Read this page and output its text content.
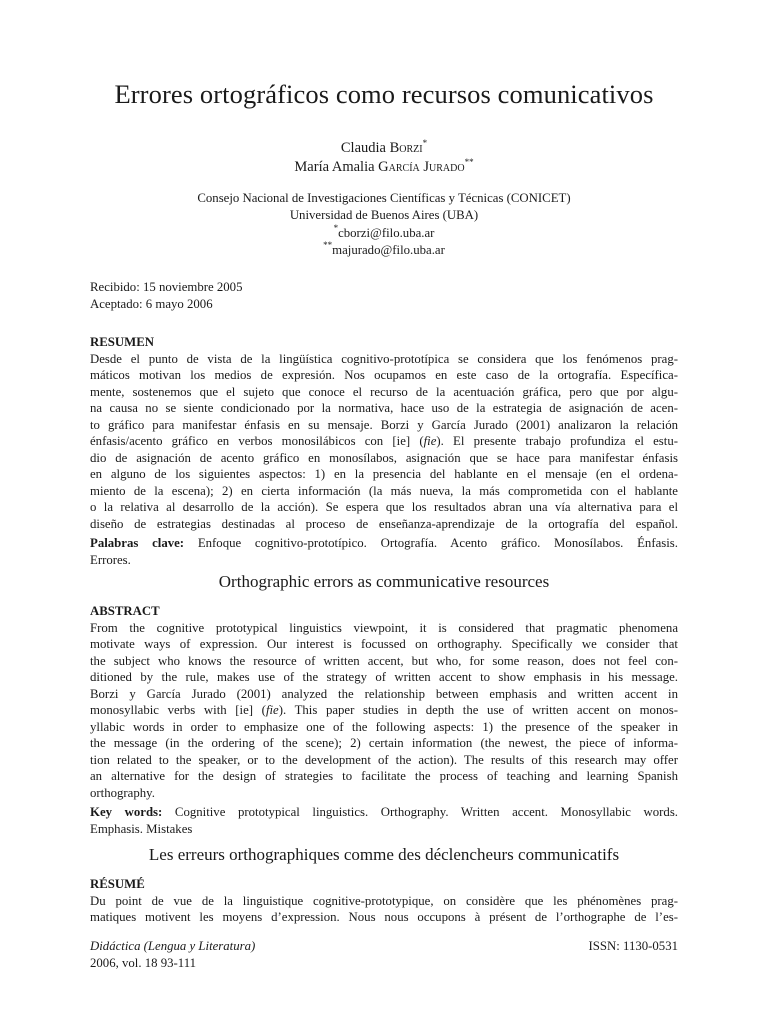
Errores ortográficos como recursos comunicativos
Claudia Borzi*
María Amalia García Jurado**
Consejo Nacional de Investigaciones Científicas y Técnicas (CONICET)
Universidad de Buenos Aires (UBA)
*cborzi@filo.uba.ar
**majurado@filo.uba.ar
Recibido: 15 noviembre 2005
Aceptado: 6 mayo 2006
RESUMEN
Desde el punto de vista de la lingüística cognitivo-prototípica se considera que los fenómenos prag-
máticos motivan los medios de expresión. Nos ocupamos en este caso de la ortografía. Específica-
mente, sostenemos que el sujeto que conoce el recurso de la acentuación gráfica, pero que por algu-
na causa no se siente condicionado por la normativa, hace uso de la estrategia de asignación de acen-
to gráfico para manifestar énfasis en su mensaje. Borzi y García Jurado (2001) analizaron la relación
énfasis/acento gráfico en verbos monosilábicos con [ie] (fie). El presente trabajo profundiza el estu-
dio de asignación de acento gráfico en monosílabos, asignación que se hace para manifestar énfasis
en alguno de los siguientes aspectos: 1) en la presencia del hablante en el mensaje (en el ordena-
miento de la escena); 2) en cierta información (la más nueva, la más comprometida con el hablante
o la relativa al desarrollo de la acción). Se espera que los resultados abran una vía alternativa para el
diseño de estrategias destinadas al proceso de enseñanza-aprendizaje de la ortografía del español.
Palabras clave: Enfoque cognitivo-prototípico. Ortografía. Acento gráfico. Monosílabos. Énfasis.
Errores.
Orthographic errors as communicative resources
ABSTRACT
From the cognitive prototypical linguistics viewpoint, it is considered that pragmatic phenomena
motivate ways of expression. Our interest is focussed on orthography. Specifically we consider that
the subject who knows the resource of written accent, but who, for some reason, does not feel con-
ditioned by the rule, makes use of the strategy of written accent to show emphasis in his message.
Borzi y García Jurado (2001) analyzed the relationship between emphasis and written accent in
monosyllabic verbs with [ie] (fie). This paper studies in depth the use of written accent on monos-
yllabic words in order to emphasize one of the following aspects: 1) the presence of the speaker in
the message (in the ordering of the scene); 2) certain information (the newest, the piece of informa-
tion related to the speaker, or to the development of the action). The results of this research may offer
an alternative for the design of strategies to facilitate the process of teaching and learning Spanish
orthography.
Key words: Cognitive prototypical linguistics. Orthography. Written accent. Monosyllabic words.
Emphasis. Mistakes
Les erreurs orthographiques comme des déclencheurs communicatifs
RÉSUMÉ
Du point de vue de la linguistique cognitive-prototypique, on considère que les phénomènes prag-
matiques motivent les moyens d’expression. Nous nous occupons à présent de l’orthographe de l’es-
Didáctica (Lengua y Literatura)
2006, vol. 18 93-111
ISSN: 1130-0531
